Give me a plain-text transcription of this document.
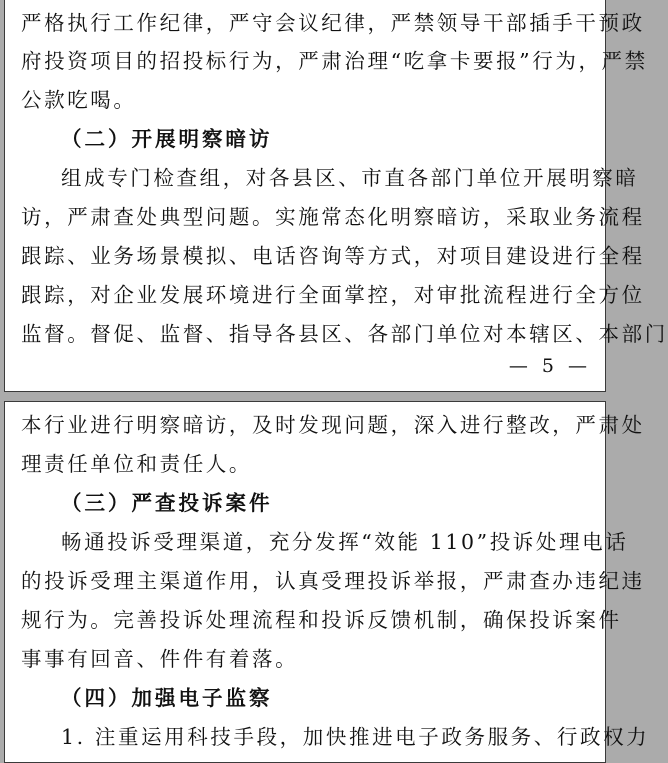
严格执行工作纪律，严守会议纪律，严禁领导干部插手干预政
府投资项目的招投标行为，严肃治理“吃拿卡要报”行为，严禁
公款吃喝。
（二）开展明察暗访
组成专门检查组，对各县区、市直各部门单位开展明察暗
访，严肃查处典型问题。实施常态化明察暗访，采取业务流程
跟踪、业务场景模拟、电话咨询等方式，对项目建设进行全程
跟踪，对企业发展环境进行全面掌控，对审批流程进行全方位
监督。督促、监督、指导各县区、各部门单位对本辖区、本部门
— 5 —
本行业进行明察暗访，及时发现问题，深入进行整改，严肃处
理责任单位和责任人。
（三）严查投诉案件
畅通投诉受理渠道，充分发挥“效能 110”投诉处理电话
的投诉受理主渠道作用，认真受理投诉举报，严肃查办违纪违
规行为。完善投诉处理流程和投诉反馈机制，确保投诉案件
事事有回音、件件有着落。
（四）加强电子监察
1. 注重运用科技手段，加快推进电子政务服务、行政权力
